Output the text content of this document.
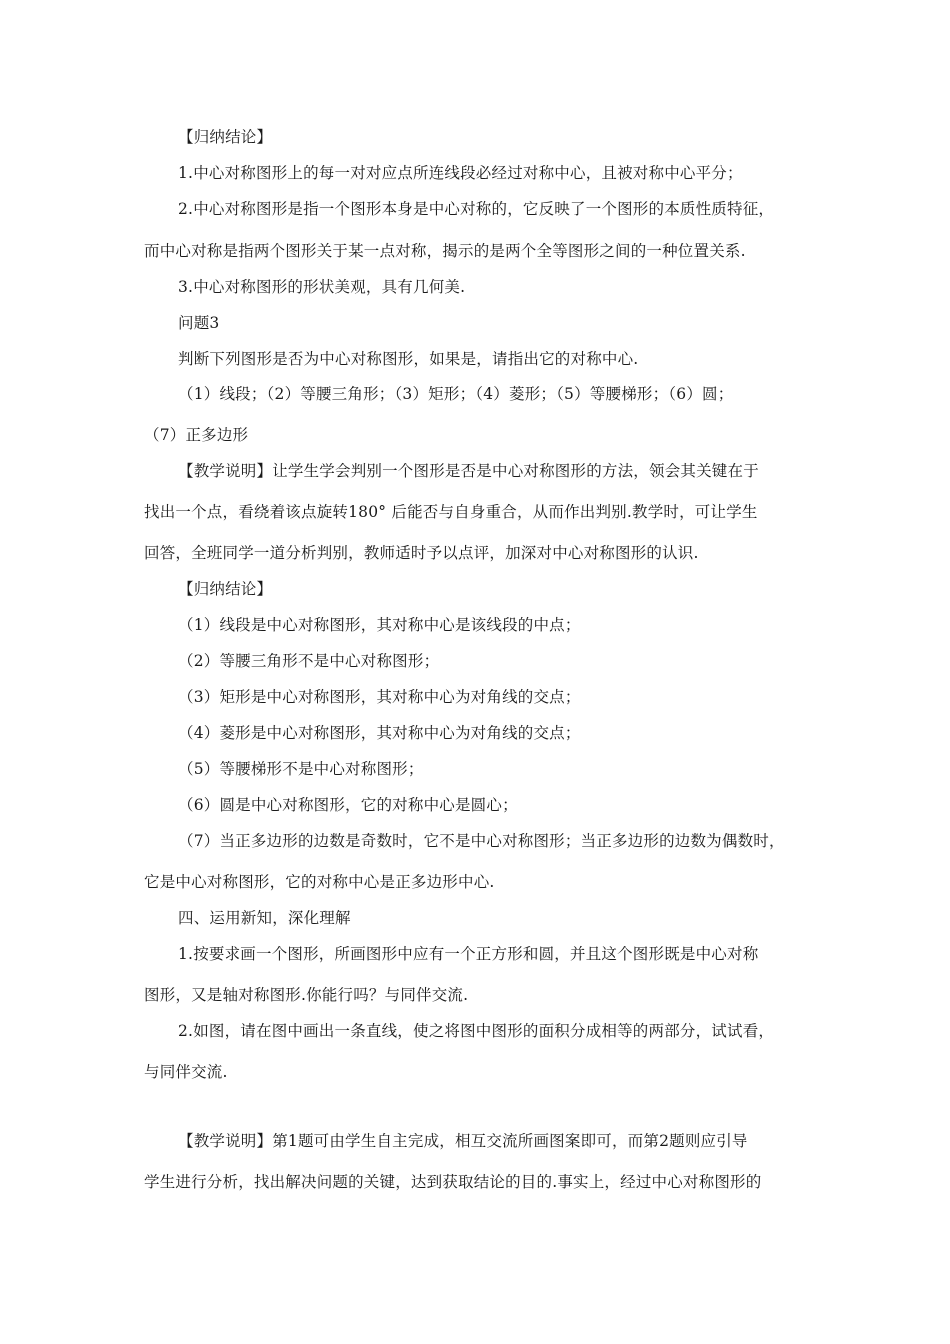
【归纳结论】
1.中心对称图形上的每一对对应点所连线段必经过对称中心，且被对称中心平分；
2.中心对称图形是指一个图形本身是中心对称的，它反映了一个图形的本质性质特征，
而中心对称是指两个图形关于某一点对称，揭示的是两个全等图形之间的一种位置关系.
3.中心对称图形的形状美观，具有几何美.
问题3
判断下列图形是否为中心对称图形，如果是，请指出它的对称中心.
（1）线段；（2）等腰三角形；（3）矩形；（4）菱形；（5）等腰梯形；（6）圆；
（7）正多边形
【教学说明】让学生学会判别一个图形是否是中心对称图形的方法，领会其关键在于
找出一个点，看绕着该点旋转180° 后能否与自身重合，从而作出判别.教学时，可让学生
回答，全班同学一道分析判别，教师适时予以点评，加深对中心对称图形的认识.
【归纳结论】
（1）线段是中心对称图形，其对称中心是该线段的中点；
（2）等腰三角形不是中心对称图形；
（3）矩形是中心对称图形，其对称中心为对角线的交点；
（4）菱形是中心对称图形，其对称中心为对角线的交点；
（5）等腰梯形不是中心对称图形；
（6）圆是中心对称图形，它的对称中心是圆心；
（7）当正多边形的边数是奇数时，它不是中心对称图形；当正多边形的边数为偶数时，
它是中心对称图形，它的对称中心是正多边形中心.
四、运用新知，深化理解
1.按要求画一个图形，所画图形中应有一个正方形和圆，并且这个图形既是中心对称
图形，又是轴对称图形.你能行吗？与同伴交流.
2.如图，请在图中画出一条直线，使之将图中图形的面积分成相等的两部分，试试看，
与同伴交流.
【教学说明】第1题可由学生自主完成，相互交流所画图案即可，而第2题则应引导
学生进行分析，找出解决问题的关键，达到获取结论的目的.事实上，经过中心对称图形的
